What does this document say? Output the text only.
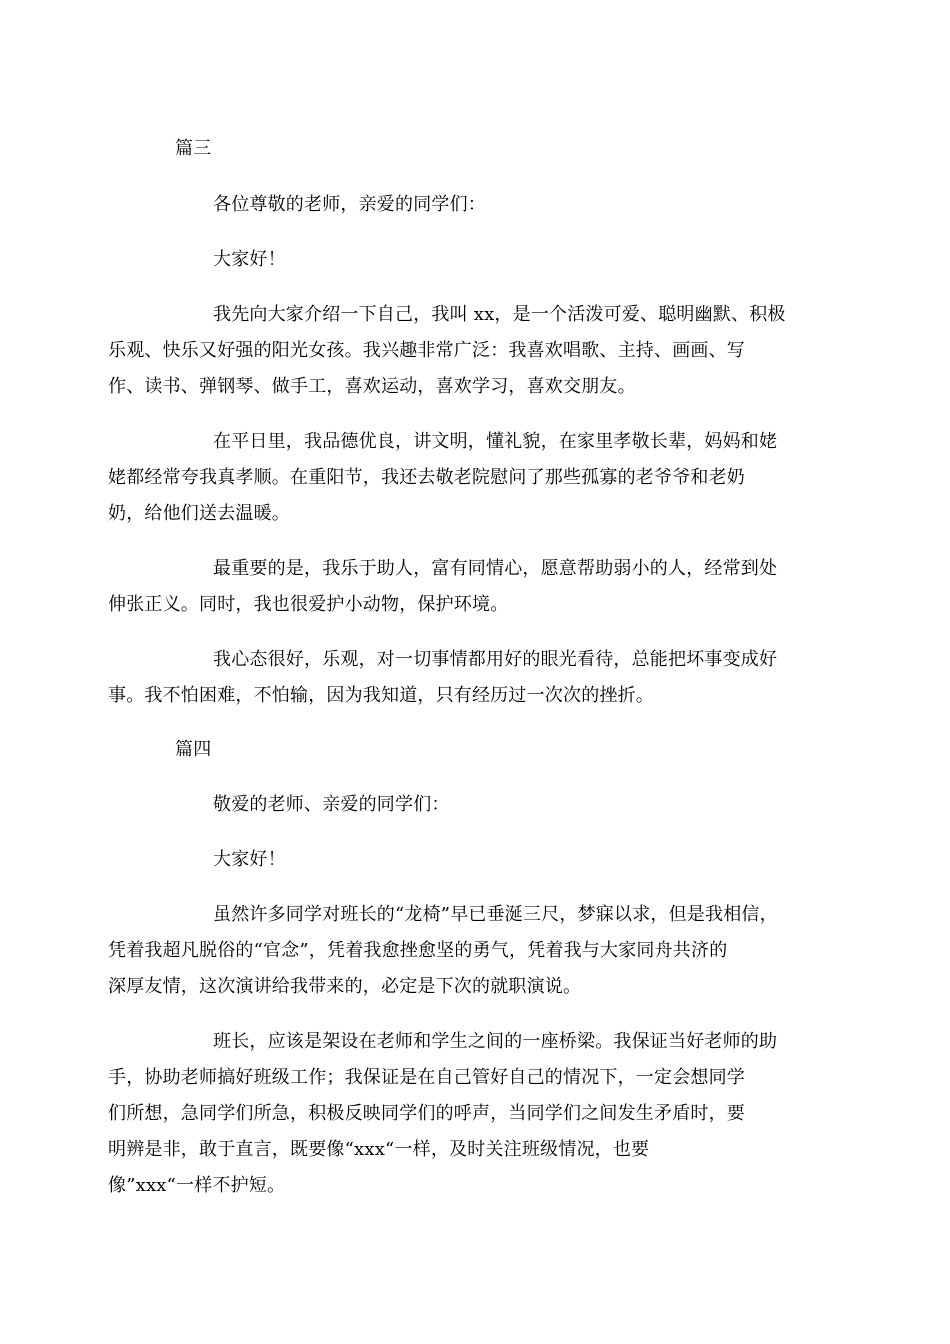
篇三
各位尊敬的老师，亲爱的同学们：
大家好！
我先向大家介绍一下自己，我叫 xx，是一个活泼可爱、聪明幽默、积极
乐观、快乐又好强的阳光女孩。我兴趣非常广泛：我喜欢唱歌、主持、画画、写
作、读书、弹钢琴、做手工，喜欢运动，喜欢学习，喜欢交朋友。
在平日里，我品德优良，讲文明，懂礼貌，在家里孝敬长辈，妈妈和姥
姥都经常夸我真孝顺。在重阳节，我还去敬老院慰问了那些孤寡的老爷爷和老奶
奶，给他们送去温暖。
最重要的是，我乐于助人，富有同情心，愿意帮助弱小的人，经常到处
伸张正义。同时，我也很爱护小动物，保护环境。
我心态很好，乐观，对一切事情都用好的眼光看待，总能把坏事变成好
事。我不怕困难，不怕输，因为我知道，只有经历过一次次的挫折。
篇四
敬爱的老师、亲爱的同学们：
大家好！
虽然许多同学对班长的“龙椅”早已垂涎三尺，梦寐以求，但是我相信，
凭着我超凡脱俗的“官念”，凭着我愈挫愈坚的勇气，凭着我与大家同舟共济的
深厚友情，这次演讲给我带来的，必定是下次的就职演说。
班长，应该是架设在老师和学生之间的一座桥梁。我保证当好老师的助
手，协助老师搞好班级工作；我保证是在自己管好自己的情况下，一定会想同学
们所想，急同学们所急，积极反映同学们的呼声，当同学们之间发生矛盾时，要
明辨是非，敢于直言，既要像“xxx“一样，及时关注班级情况，也要
像”xxx“一样不护短。
